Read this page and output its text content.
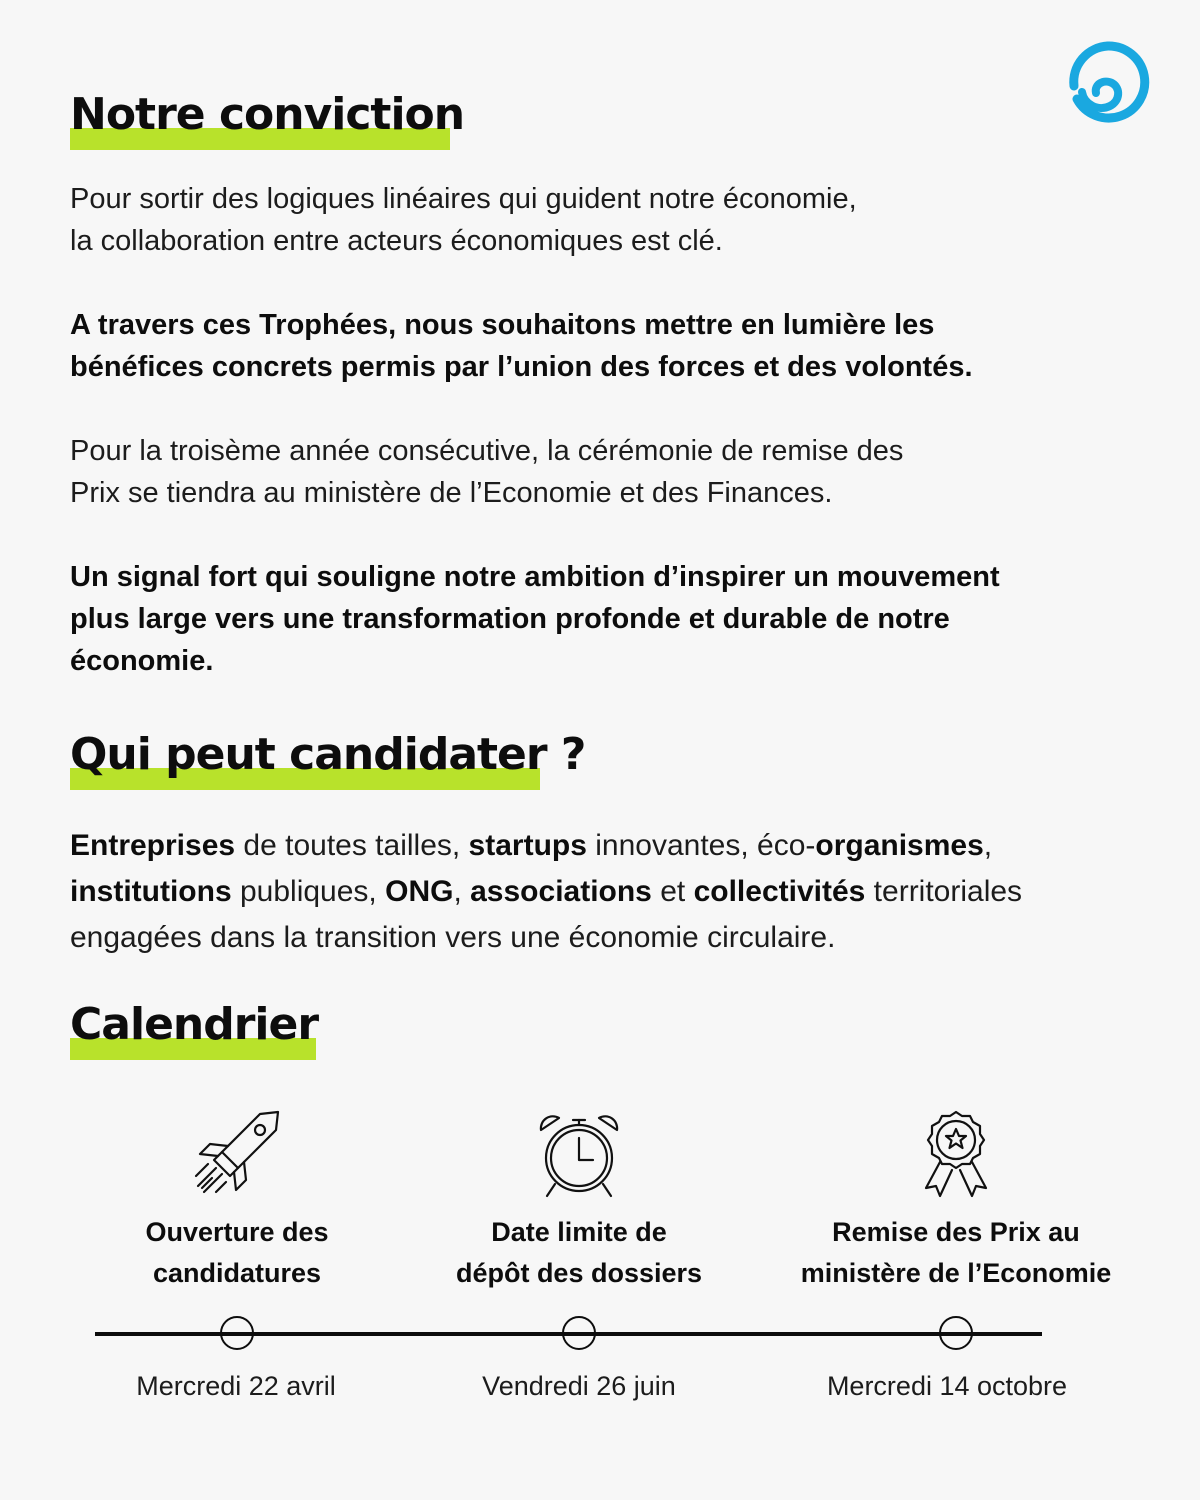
Notre conviction

Pour sortir des logiques linéaires qui guident notre économie,
la collaboration entre acteurs économiques est clé.

A travers ces Trophées, nous souhaitons mettre en lumière les
bénéfices concrets permis par l’union des forces et des volontés.

Pour la troisème année consécutive, la cérémonie de remise des
Prix se tiendra au ministère de l’Economie et des Finances.

Un signal fort qui souligne notre ambition d’inspirer un mouvement
plus large vers une transformation profonde et durable de notre
économie.

Qui peut candidater ?

Entreprises de toutes tailles, startups innovantes, éco-organismes,
institutions publiques, ONG, associations et collectivités territoriales
engagées dans la transition vers une économie circulaire.

Calendrier
Ouverture des
candidatures
Date limite de
dépôt des dossiers
Remise des Prix au
ministère de l’Economie
Mercredi 22 avril	Vendredi 26 juin	Mercredi 14 octobre
